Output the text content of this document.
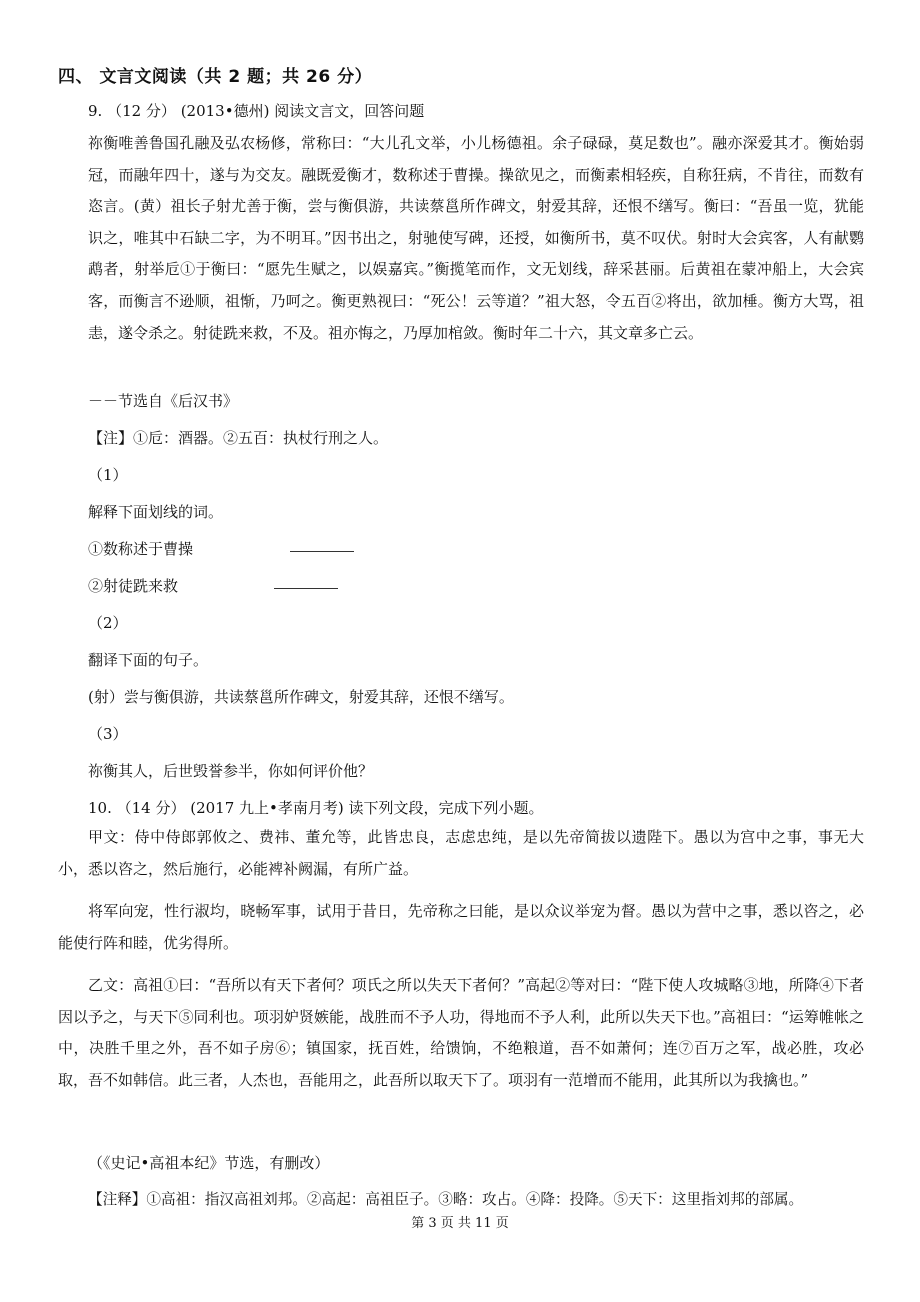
四、 文言文阅读（共 2 题；共 26 分）
9. （12 分） (2013•德州) 阅读文言文，回答问题
祢衡唯善鲁国孔融及弘农杨修，常称曰：“大儿孔文举，小儿杨德祖。余子碌碌，莫足数也”。融亦深爱其才。衡始弱冠，而融年四十，遂与为交友。融既爱衡才，数称述于曹操。操欲见之，而衡素相轻疾，自称狂病，不肯往，而数有恣言。(黄）祖长子射尤善于衡，尝与衡俱游，共读蔡邕所作碑文，射爱其辞，还恨不缮写。衡曰：“吾虽一览，犹能识之，唯其中石缺二字，为不明耳。”因书出之，射驰使写碑，还授，如衡所书，莫不叹伏。射时大会宾客，人有献鹦鹉者，射举卮①于衡曰：“愿先生赋之，以娱嘉宾。”衡揽笔而作，文无划线，辞采甚丽。后黄祖在蒙冲船上，大会宾客，而衡言不逊顺，祖惭，乃呵之。衡更熟视曰：“死公！云等道？”祖大怒，令五百②将出，欲加棰。衡方大骂，祖恚，遂令杀之。射徒跣来救，不及。祖亦悔之，乃厚加棺敛。衡时年二十六，其文章多亡云。
－－节选自《后汉书》
【注】①卮：酒器。②五百：执杖行刑之人。
（1）
解释下面划线的词。
①数称述于曹操
②射徒跣来救
（2）
翻译下面的句子。
(射）尝与衡俱游，共读蔡邕所作碑文，射爱其辞，还恨不缮写。
（3）
祢衡其人，后世毁誉参半，你如何评价他？
10. （14 分） (2017 九上•孝南月考) 读下列文段，完成下列小题。
甲文：侍中侍郎郭攸之、费祎、董允等，此皆忠良，志虑忠纯，是以先帝简拔以遗陛下。愚以为宫中之事，事无大小，悉以咨之，然后施行，必能裨补阙漏，有所广益。
将军向宠，性行淑均，晓畅军事，试用于昔日，先帝称之曰能，是以众议举宠为督。愚以为营中之事，悉以咨之，必能使行阵和睦，优劣得所。
乙文：高祖①曰：“吾所以有天下者何？项氏之所以失天下者何？”高起②等对曰：“陛下使人攻城略③地，所降④下者因以予之，与天下⑤同利也。项羽妒贤嫉能，战胜而不予人功，得地而不予人利，此所以失天下也。”高祖曰：“运筹帷帐之中，决胜千里之外，吾不如子房⑥；镇国家，抚百姓，给馈饷，不绝粮道，吾不如萧何；连⑦百万之军，战必胜，攻必取，吾不如韩信。此三者，人杰也，吾能用之，此吾所以取天下了。项羽有一范增而不能用，此其所以为我擒也。”
（《史记•高祖本纪》节选，有删改）
【注释】①高祖：指汉高祖刘邦。②高起：高祖臣子。③略：攻占。④降：投降。⑤天下：这里指刘邦的部属。
第 3 页 共 11 页
